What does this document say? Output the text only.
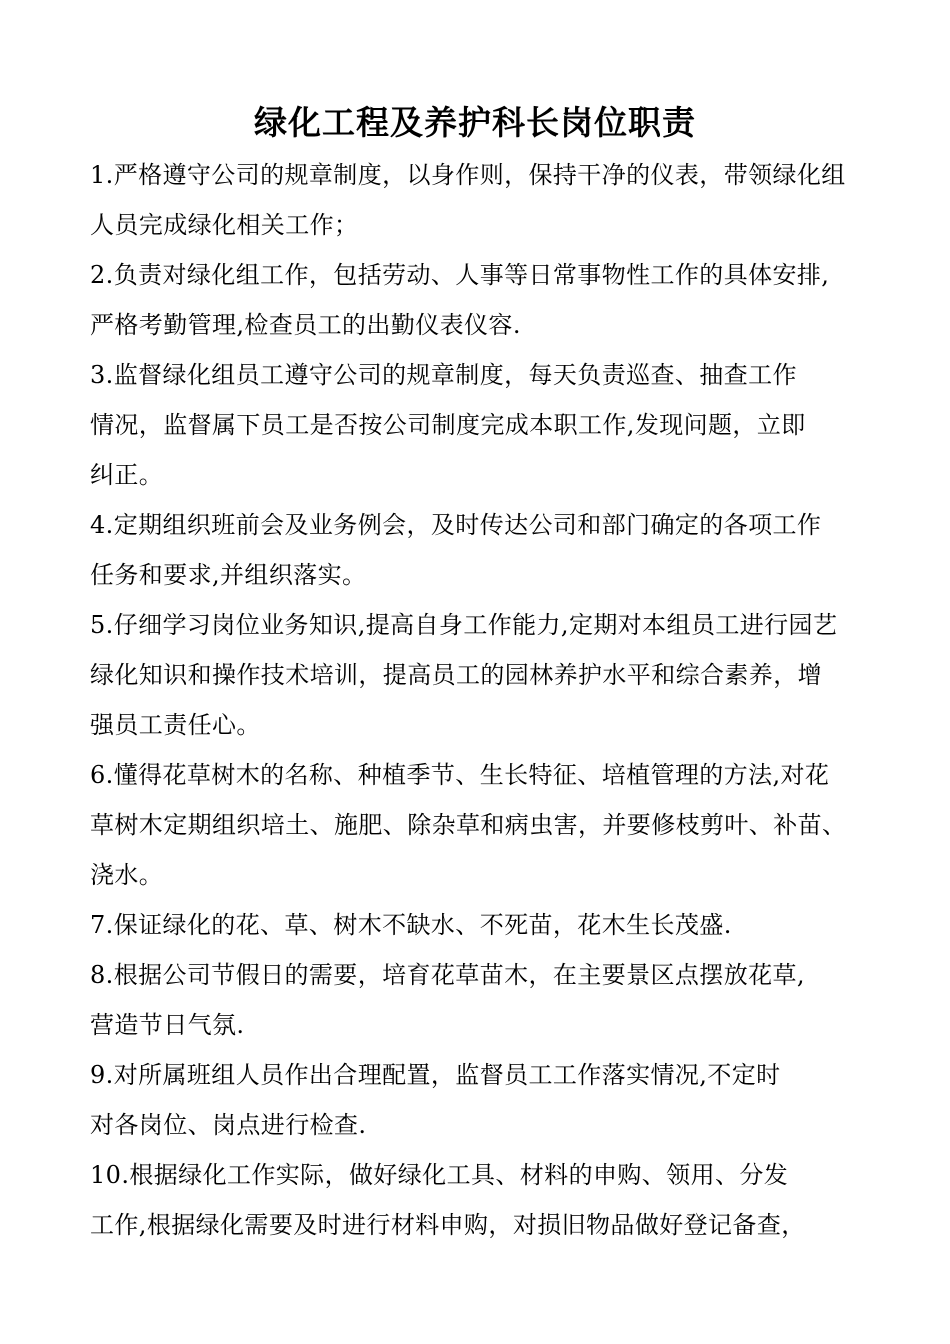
绿化工程及养护科长岗位职责
1.严格遵守公司的规章制度，以身作则，保持干净的仪表，带领绿化组
人员完成绿化相关工作；
2.负责对绿化组工作，包括劳动、人事等日常事物性工作的具体安排,
严格考勤管理,检查员工的出勤仪表仪容.
3.监督绿化组员工遵守公司的规章制度，每天负责巡查、抽查工作
情况，监督属下员工是否按公司制度完成本职工作,发现问题，立即
纠正。
4.定期组织班前会及业务例会，及时传达公司和部门确定的各项工作
任务和要求,并组织落实。
5.仔细学习岗位业务知识,提高自身工作能力,定期对本组员工进行园艺
绿化知识和操作技术培训，提高员工的园林养护水平和综合素养，增
强员工责任心。
6.懂得花草树木的名称、种植季节、生长特征、培植管理的方法,对花
草树木定期组织培土、施肥、除杂草和病虫害，并要修枝剪叶、补苗、
浇水。
7.保证绿化的花、草、树木不缺水、不死苗，花木生长茂盛.
8.根据公司节假日的需要，培育花草苗木，在主要景区点摆放花草,
营造节日气氛.
9.对所属班组人员作出合理配置，监督员工工作落实情况,不定时
对各岗位、岗点进行检查.
10.根据绿化工作实际，做好绿化工具、材料的申购、领用、分发
工作,根据绿化需要及时进行材料申购，对损旧物品做好登记备查，
